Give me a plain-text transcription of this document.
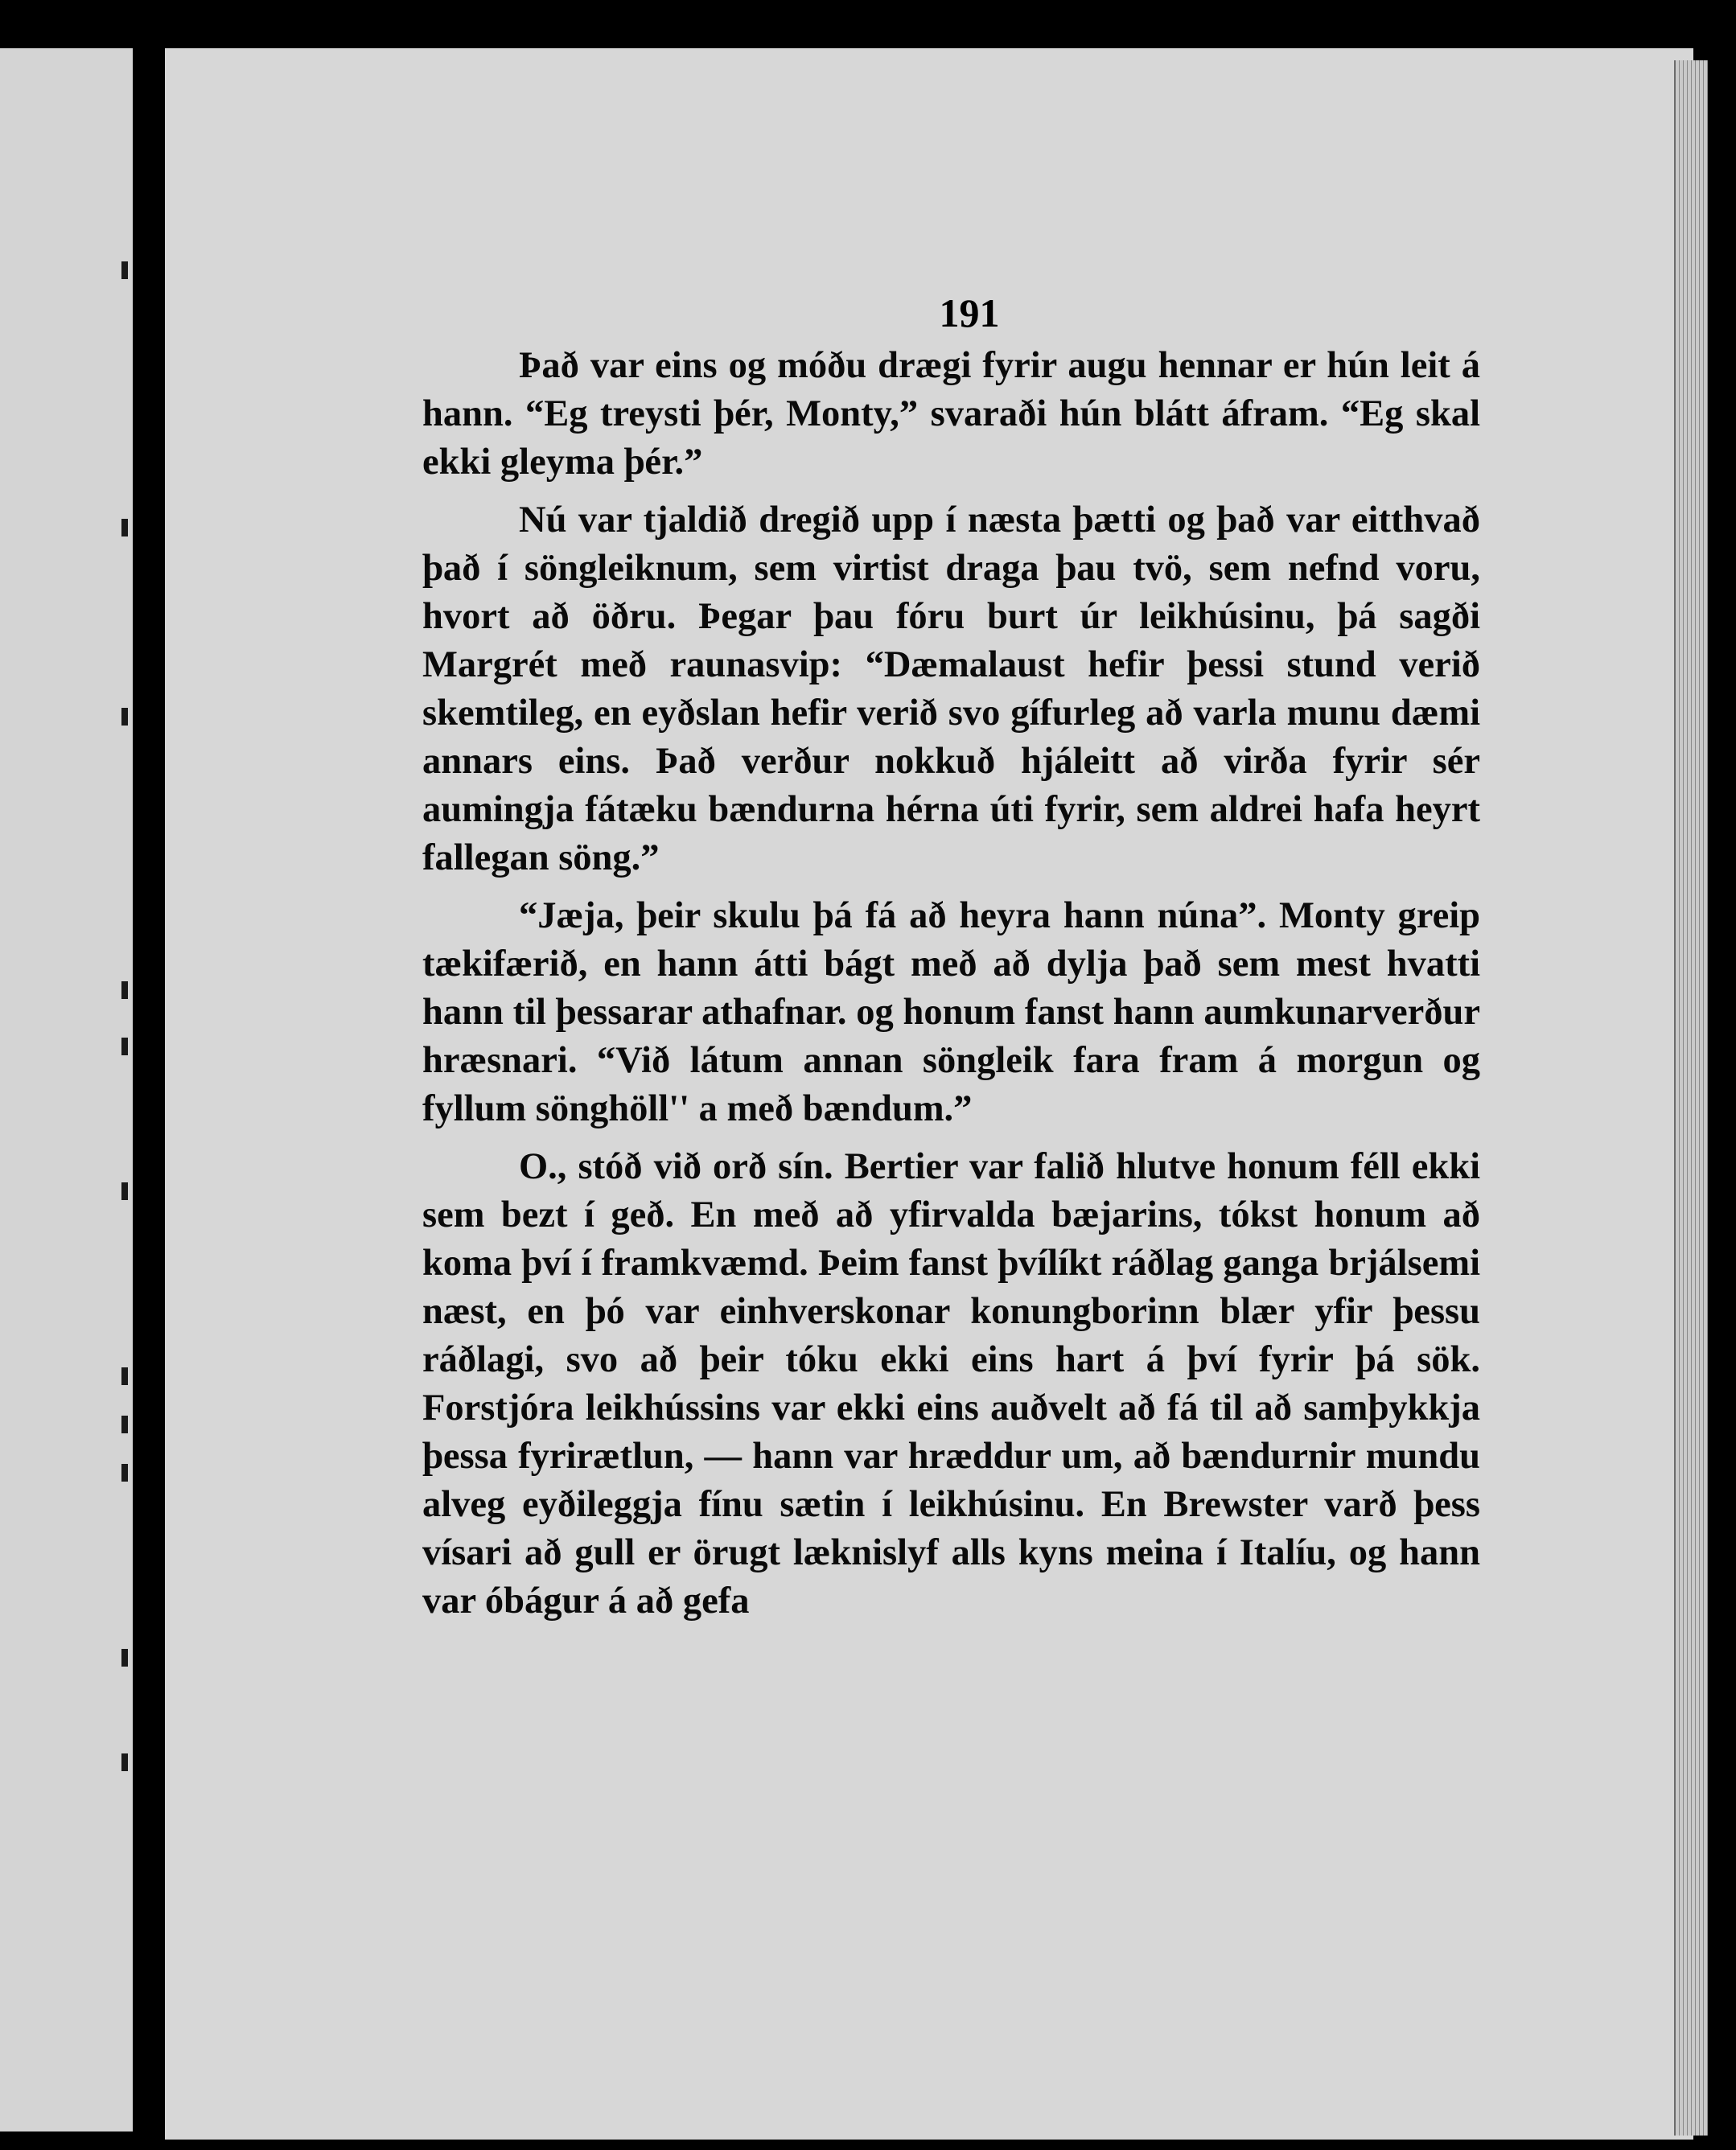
191

Það var eins og móðu drægi fyrir augu hennar er hún leit á hann. “Eg treysti þér, Monty,” svaraði hún blátt áfram. “Eg skal ekki gleyma þér.”

Nú var tjaldið dregið upp í næsta þætti og það var eitthvað það í söngleiknum, sem virtist draga þau tvö, sem nefnd voru, hvort að öðru. Þegar þau fóru burt úr leikhúsinu, þá sagði Margrét með raunasvip: “Dæmalaust hefir þessi stund verið skemtileg, en eyðslan hefir verið svo gífurleg að varla munu dæmi annars eins. Það verður nokkuð hjáleitt að virða fyrir sér aumingja fátæku bændurna hérna úti fyrir, sem aldrei hafa heyrt fallegan söng.”

“Jæja, þeir skulu þá fá að heyra hann núna”. Monty greip tækifærið, en hann átti bágt með að dylja það sem mest hvatti hann til þessarar athafnar. og honum fanst hann aumkunarverður hræsnari. “Við látum annan söngleik fara fram á morgun og fyllum sönghöll'' a með bændum.”

O., stóð við orð sín. Bertier var falið hlutve honum féll ekki sem bezt í geð. En með að yfirvalda bæjarins, tókst honum að koma því í framkvæmd. Þeim fanst þvílíkt ráðlag ganga brjálsemi næst, en þó var einhverskonar konungborinn blær yfir þessu ráðlagi, svo að þeir tóku ekki eins hart á því fyrir þá sök. Forstjóra leikhússins var ekki eins auðvelt að fá til að samþykkja þessa fyrirætlun, — hann var hræddur um, að bændurnir mundu alveg eyðileggja fínu sætin í leikhúsinu. En Brewster varð þess vísari að gull er örugt læknislyf alls kyns meina í Italíu, og hann var óbágur á að gefa
